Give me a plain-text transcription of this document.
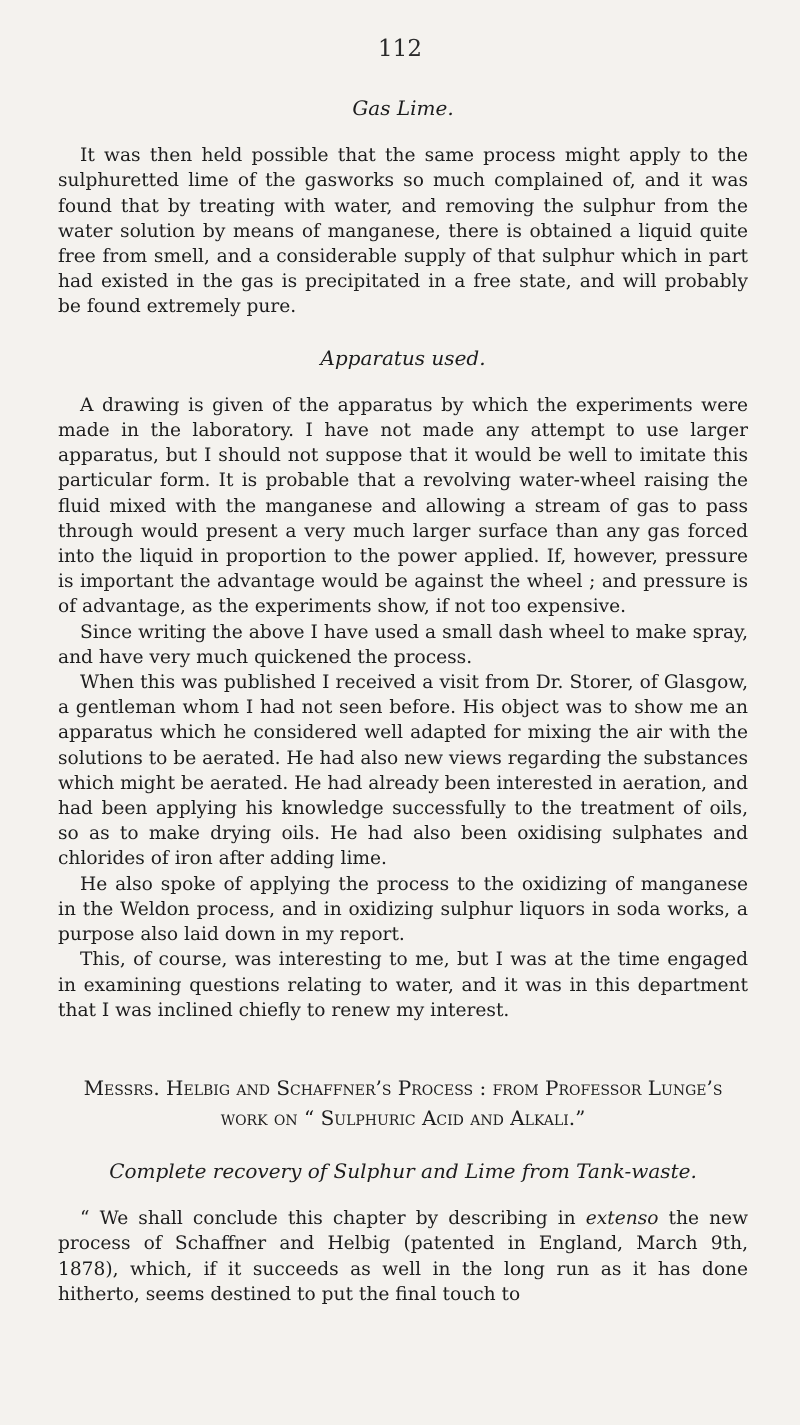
112
Gas Lime.

It was then held possible that the same process might apply to the sulphuretted lime of the gasworks so much complained of, and it was found that by treating with water, and removing the sulphur from the water solution by means of manganese, there is obtained a liquid quite free from smell, and a considerable supply of that sulphur which in part had existed in the gas is precipitated in a free state, and will probably be found extremely pure.

Apparatus used.

A drawing is given of the apparatus by which the experiments were made in the laboratory. I have not made any attempt to use larger apparatus, but I should not suppose that it would be well to imitate this particular form. It is probable that a revolving water-wheel raising the fluid mixed with the manganese and allowing a stream of gas to pass through would present a very much larger surface than any gas forced into the liquid in proportion to the power applied. If, however, pressure is important the advantage would be against the wheel ; and pressure is of advantage, as the experiments show, if not too expensive.

Since writing the above I have used a small dash wheel to make spray, and have very much quickened the process.

When this was published I received a visit from Dr. Storer, of Glasgow, a gentleman whom I had not seen before. His object was to show me an apparatus which he considered well adapted for mixing the air with the solutions to be aerated. He had also new views regarding the substances which might be aerated. He had already been interested in aeration, and had been applying his knowledge successfully to the treatment of oils, so as to make drying oils. He had also been oxidising sulphates and chlorides of iron after adding lime.

He also spoke of applying the process to the oxidizing of manganese in the Weldon process, and in oxidizing sulphur liquors in soda works, a purpose also laid down in my report.

This, of course, was interesting to me, but I was at the time engaged in examining questions relating to water, and it was in this department that I was inclined chiefly to renew my interest.

Messrs. Helbig and Schaffner’s Process : from Professor Lunge’s work on “ Sulphuric Acid and Alkali.”
Complete recovery of Sulphur and Lime from Tank-waste.

“ We shall conclude this chapter by describing in extenso the new process of Schaffner and Helbig (patented in England, March 9th, 1878), which, if it succeeds as well in the long run as it has done hitherto, seems destined to put the final touch to
